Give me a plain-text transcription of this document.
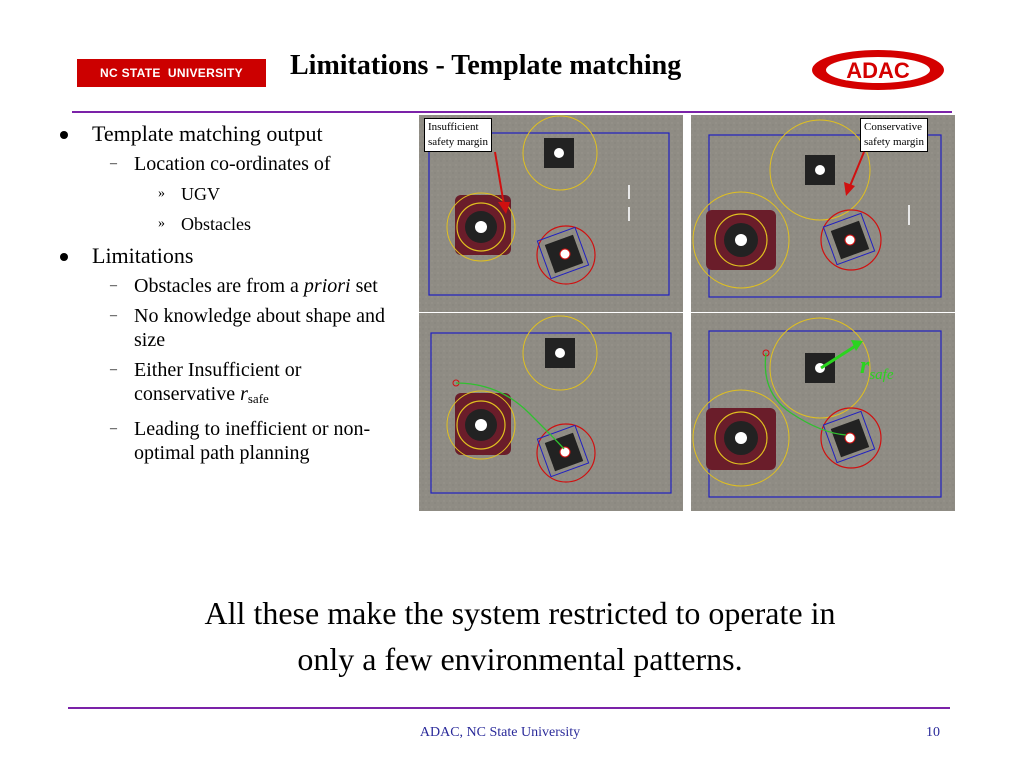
NC STATE  UNIVERSITY Limitations - Template matching	ADAC
Template matching output
– Location co-ordinates of
» UGV
» Obstacles
Limitations
– Obstacles are from a priori set
– No knowledge about shape and size
– Either Insufficient or conservative $r_{safe}$
– Leading to inefficient or non-optimal path planning
Insufficient
safety margin
Conservative
safety margin
$r_{safe}$
All these make the system restricted to operate in
only a few environmental patterns.
ADAC, NC State University	10
